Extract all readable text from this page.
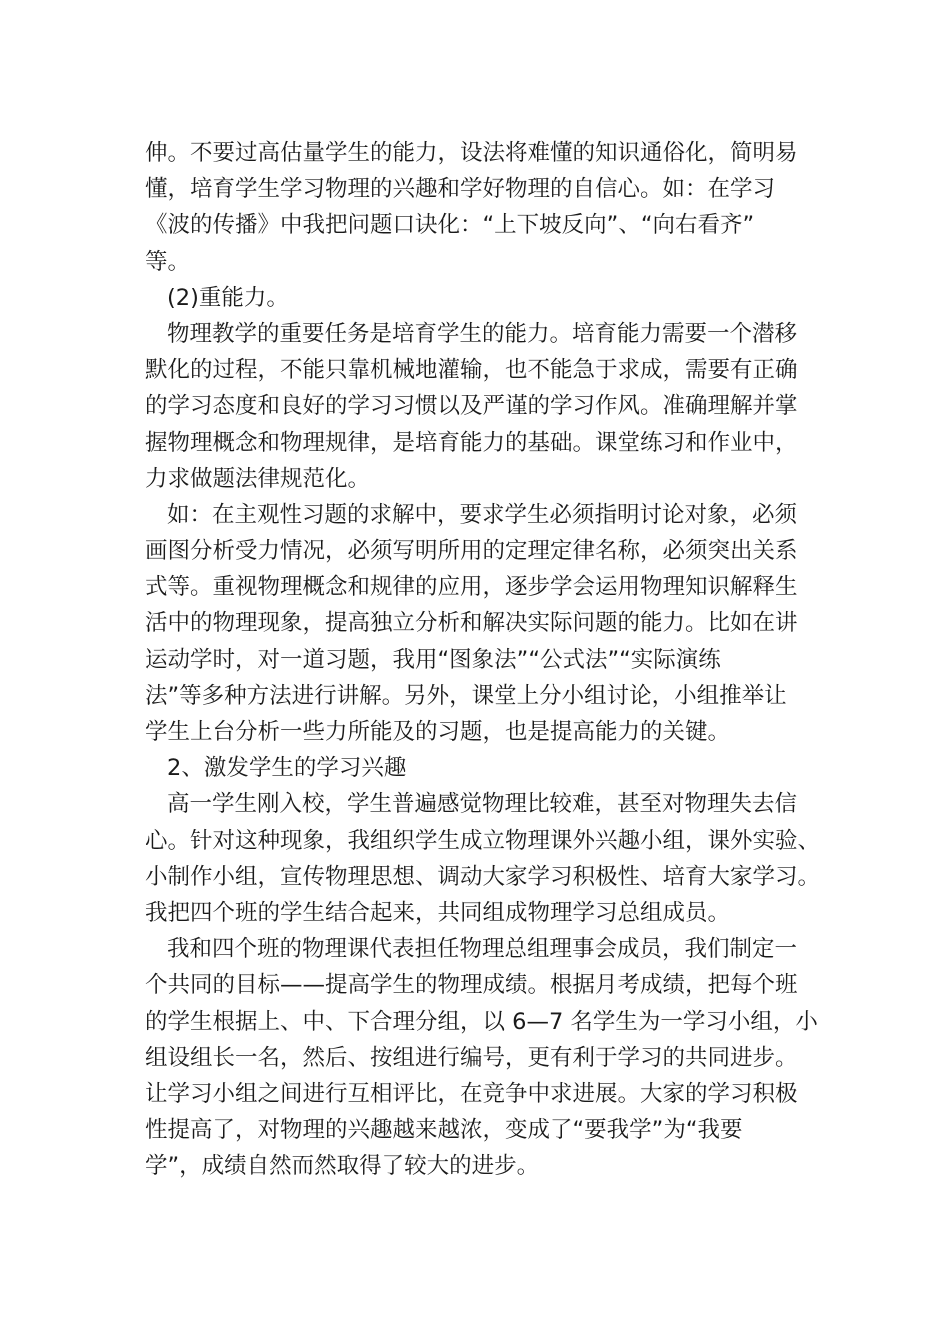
伸。不要过高估量学生的能力，设法将难懂的知识通俗化，简明易
懂，培育学生学习物理的兴趣和学好物理的自信心。如：在学习
《波的传播》中我把问题口诀化：“上下坡反向”、“向右看齐”
等。
(2)重能力。
物理教学的重要任务是培育学生的能力。培育能力需要一个潜移
默化的过程，不能只靠机械地灌输，也不能急于求成，需要有正确
的学习态度和良好的学习习惯以及严谨的学习作风。准确理解并掌
握物理概念和物理规律，是培育能力的基础。课堂练习和作业中，
力求做题法律规范化。
如：在主观性习题的求解中，要求学生必须指明讨论对象，必须
画图分析受力情况，必须写明所用的定理定律名称，必须突出关系
式等。重视物理概念和规律的应用，逐步学会运用物理知识解释生
活中的物理现象，提高独立分析和解决实际问题的能力。比如在讲
运动学时，对一道习题，我用“图象法”“公式法”“实际演练
法”等多种方法进行讲解。另外，课堂上分小组讨论，小组推举让
学生上台分析一些力所能及的习题，也是提高能力的关键。
2、激发学生的学习兴趣
高一学生刚入校，学生普遍感觉物理比较难，甚至对物理失去信
心。针对这种现象，我组织学生成立物理课外兴趣小组，课外实验、
小制作小组，宣传物理思想、调动大家学习积极性、培育大家学习。
我把四个班的学生结合起来，共同组成物理学习总组成员。
我和四个班的物理课代表担任物理总组理事会成员，我们制定一
个共同的目标——提高学生的物理成绩。根据月考成绩，把每个班
的学生根据上、中、下合理分组，以 6—7 名学生为一学习小组，小
组设组长一名，然后、按组进行编号，更有利于学习的共同进步。
让学习小组之间进行互相评比，在竞争中求进展。大家的学习积极
性提高了，对物理的兴趣越来越浓，变成了“要我学”为“我要
学”，成绩自然而然取得了较大的进步。
